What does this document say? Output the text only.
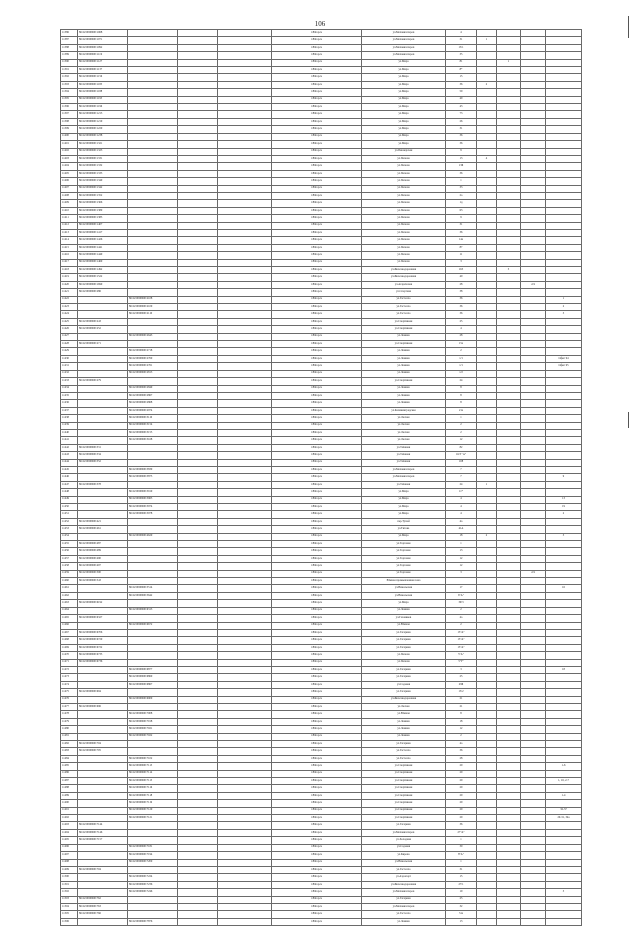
106
11386	86:22:0000000:1068				г.Югорск	ул.Механизаторов	4				
11387	86:22:0000000:1071				г.Югорск	ул.Механизаторов	31	1			
11388	86:22:0000000:1092				г.Югорск	ул.Механизаторов	13/1				
11389	86:22:0000000:1119				г.Югорск	ул.Механизаторов	35				
11390	86:22:0000000:1127				г.Югорск	ул.Мира	81		1		
11391	86:22:0000000:1137				г.Югорск	ул.Мира	8*				
11392	86:22:0000000:1156				г.Югорск	ул.Мира	15				
11393	86:22:0000000:1185				г.Югорск	ул.Мира	36	2			
11394	86:22:0000000:1188				г.Югорск	ул.Мира	59				
11395	86:22:0000000:1195				г.Югорск	ул.Мира	49				
11396	86:22:0000000:1196				г.Югорск	ул.Мира	43				
11397	86:22:0000000:1213				г.Югорск	ул.Мира	73				
11398	86:22:0000000:1219				г.Югорск	ул.Мира	26				
11399	86:22:0000000:1220				г.Югорск	ул.Мира	31				
11400	86:22:0000000:1238				г.Югорск	ул.Мира	36				
11401	86:22:0000000:1321				г.Югорск	ул.Мира	36				
11402	86:22:0000000:1323				г.Югорск	ул.Пионерская	9				
11403	86:22:0000000:1331				г.Югорск	ул.Попова	13	4			
11404	86:22:0000000:1332				г.Югорск	ул.Попова	13Б				
11405	86:22:0000000:1333				г.Югорск	ул.Попова	36				
11406	86:22:0000000:1340				г.Югорск	ул.Попова	1				
11407	86:22:0000000:1342				г.Югорск	ул.Попова	33				
11408	86:22:0000000:1352				г.Югорск	ул.Попова	2а				
11409	86:22:0000000:1366				г.Югорск	ул.Попова	1д				
11410	86:22:0000000:1380				г.Югорск	ул.Попова	63				
11411	86:22:0000000:1383				г.Югорск	ул.Попова	9				
11412	86:22:0000000:1407				г.Югорск	ул.Попова	31				
11413	86:22:0000000:1417				г.Югорск	ул.Попова	36				
11414	86:22:0000000:1426				г.Югорск	ул.Попова	14а				
11415	86:22:0000000:1441				г.Югорск	ул.Попова	87				
11416	86:22:0000000:1449				г.Югорск	ул.Попова	11				
11417	86:22:0000000:1460				г.Югорск	ул.Попова	3				
11418	86:22:0000000:1492				г.Югорск	ул.Железнодорожная	163		5		
11419	86:22:0000000:1522				г.Югорск	ул.Железнодорожная	40				
11420	86:22:0000000:1699				г.Югорск	ул.Агаричская	28			2/4	
11421	86:22:0000000:286				г.Югорск	ул.Спортная	38				
11422		86:22:0000000:2108			г.Югорск	ул.Гастелло	36				1
11423		86:22:0000000:2109			г.Югорск	ул.Гастелло	36				2
11424		86:22:0000000:2110			г.Югорск	ул.Гастелло	36				3
11425	86:22:0000000:243				г.Югорск	ул.Спортивная	25				
11426	86:22:0000000:252				г.Югорск	ул.Спортивная	4				
11427		86:22:0000000:2643			г.Югорск	ул.Ленина	28				
11428	86:22:0000000:271				г.Югорск	ул.Спортивная	15а				
11429		86:22:0000000:2718			г.Югорск	ул.Ленина	2				
11430		86:22:0000000:2760			г.Югорск	ул.Ленина	1/1				Офис 94
11431		86:22:0000000:2761			г.Югорск	ул.Ленина	1/1				Офис 95
11432		86:22:0000000:2813			г.Югорск	ул.Ленина	1/2				
11433	86:22:0000000:279				г.Югорск	ул.Спортивная	24				
11434		86:22:0000000:2849			г.Югорск	ул.Ленина	8				
11435		86:22:0000000:2867			г.Югорск	ул.Ленина	8				
11436		86:22:0000000:2868			г.Югорск	ул.Ленина	8				
11437		86:22:0000000:2974			г.Югорск	ул.Калининградская	21а				
11438		86:22:0000000:3110			г.Югорск	ул.Лесная	1				
11439		86:22:0000000:3154			г.Югорск	ул.Лесная	2				
11440		86:22:0000000:3155			г.Югорск	ул.Лесная	2				
11441		86:22:0000000:3168			г.Югорск	ул.Лесная	12				
11442	86:22:0000000:331				г.Югорск	ул.Таёжная	82				
11443	86:22:0000000:334				г.Югорск	ул.Таёжная	16/3 "А"				
11444	86:22:0000000:352				г.Югорск	ул.Таёжная	108				
11445		86:22:0000000:3839			г.Югорск	ул.Механизаторов	7				
11446		86:22:0000000:3875			г.Югорск	ул.Механизаторов	7				9
11447	86:22:0000000:378				г.Югорск	ул.Таёжная	24	1			
11448		86:22:0000000:3919			г.Югорск	ул.Мира	11*				
11449		86:22:0000000:3965			г.Югорск	ул.Мира	4				13
11450		86:22:0000000:3974			г.Югорск	ул.Мира	4				19
11451		86:22:0000000:3978			г.Югорск	ул.Мира	4				2
11452	86:22:0000000:421				г.Югорск	пер.Тупой	4а				
11453	86:22:0000000:461				г.Югорск	ул.Титова	41А				
11454		86:22:0000000:4620			г.Югорск	ул.Мира	18	2			3
11455	86:22:0000000:487				г.Югорск	ул.Торговая	1				
11456	86:22:0000000:489				г.Югорск	ул.Торговая	13				
11457	86:22:0000000:490				г.Югорск	ул.Торговая	12				
11458	86:22:0000000:497				г.Югорск	ул.Торговая	12				
11459	86:22:0000000:500				г.Югорск	ул.Торговая	3			2/4	
11460	86:22:0000000:543				г.Югорск	Южная промышленная зона					
11461		86:22:0000000:5514			г.Югорск	ул.Никольская	17				16
11462		86:22:0000000:5642			г.Югорск	ул.Никольская	6"А"				
11463	86:22:0000000:6192				г.Югорск	ул.Мира	39/3				
11464		86:22:0000000:6313			г.Югорск	ул.Ленина	2				
11465	86:22:0000000:6327				г.Югорск	ул.Газовиков	4а				
11466		86:22:0000000:6672			г.Югорск	ул.Южная	2				
11467	86:22:0000000:6706				г.Югорск	ул.Гагарина	15"А"				
11468	86:22:0000000:6720				г.Югорск	ул.Гагарина	15"А"				
11469	86:22:0000000:6722				г.Югорск	ул.Гагарина	15"А"				
11470	86:22:0000000:6735				г.Югорск	ул.Попова	5"А"				
11471	86:22:0000000:6736				г.Югорск	ул.Попова	5"Г"				
11472		86:22:0000000:6877			г.Югорск	ул.Гагарина	3				18
11473		86:22:0000000:6860			г.Югорск	ул.Гагарина	25				
11474		86:22:0000000:6867			г.Югорск	ул.Садовая	29Б				
11475	86:22:0000000:694				г.Югорск	ул.Гагарина	13/2				
11476		86:22:0000000:6909			г.Югорск	ул.Железнодорожная	21				
11477	86:22:0000000:696				г.Югорск	ул.Лесная	21				
11478		86:22:0000000:7008			г.Югорск	ул.Южная	8				
11479		86:22:0000000:7018			г.Югорск	ул.Ленина	18				
11480		86:22:0000000:7021			г.Югорск	ул.Ленина	12				
11481		86:22:0000000:7022			г.Югорск	ул.Ленина	2				
11482	86:22:0000000:704				г.Югорск	ул.Гагарина	4а				
11483	86:22:0000000:705				г.Югорск	ул.Гастелло	36				
11484		86:22:0000000:7102			г.Югорск	ул.Гастелло	28				
11485		86:22:0000000:7113			г.Югорск	ул.Спортивная	29				1-6
11486		86:22:0000000:7114			г.Югорск	ул.Спортивная	29				
11487		86:22:0000000:7115			г.Югорск	ул.Спортивная	29				1, 16, 2-7
11488		86:22:0000000:7116			г.Югорск	ул.Спортивная	29				
11489		86:22:0000000:7118			г.Югорск	ул.Спортивная	29				1-4
11490		86:22:0000000:7119			г.Югорск	ул.Спортивная	29				
11491		86:22:0000000:7120			г.Югорск	ул.Спортивная	29				32-37
11492		86:22:0000000:7121			г.Югорск	ул.Спортивная	29				29-31, 34а
11493	86:22:0000000:7144				г.Югорск	ул.Гагарина	36				
11494	86:22:0000000:7146				г.Югорск	ул.Механизаторов	27"А"				
11495	86:22:0000000:7157				г.Югорск	ул.Холодная	1				
11496		86:22:0000000:7181			г.Югорск	ул.Садовая	30				
11497		86:22:0000000:7194			г.Югорск	ул.Кирова	8"А"				
11498		86:22:0000000:7200			г.Югорск	ул.Никольская	1				
11499	86:22:0000000:704				г.Югорск	ул.Гастелло	31				
11500		86:22:0000000:7224			г.Югорск	ул.Аэропорт	15				
11501		86:22:0000000:7236			г.Югорск	ул.Железнодорожная	27/1				
11502		86:22:0000000:7246			г.Югорск	ул.Механизаторов	19				3
11503	86:22:0000000:762				г.Югорск	ул.Гагарина	25				
11504	86:22:0000000:763				г.Югорск	ул.Механизаторов	32				
11505	86:22:0000000:766				г.Югорск	ул.Гастелло	31а				
11506		86:22:0000000:7876			г.Югорск	ул.Ленина	13				
